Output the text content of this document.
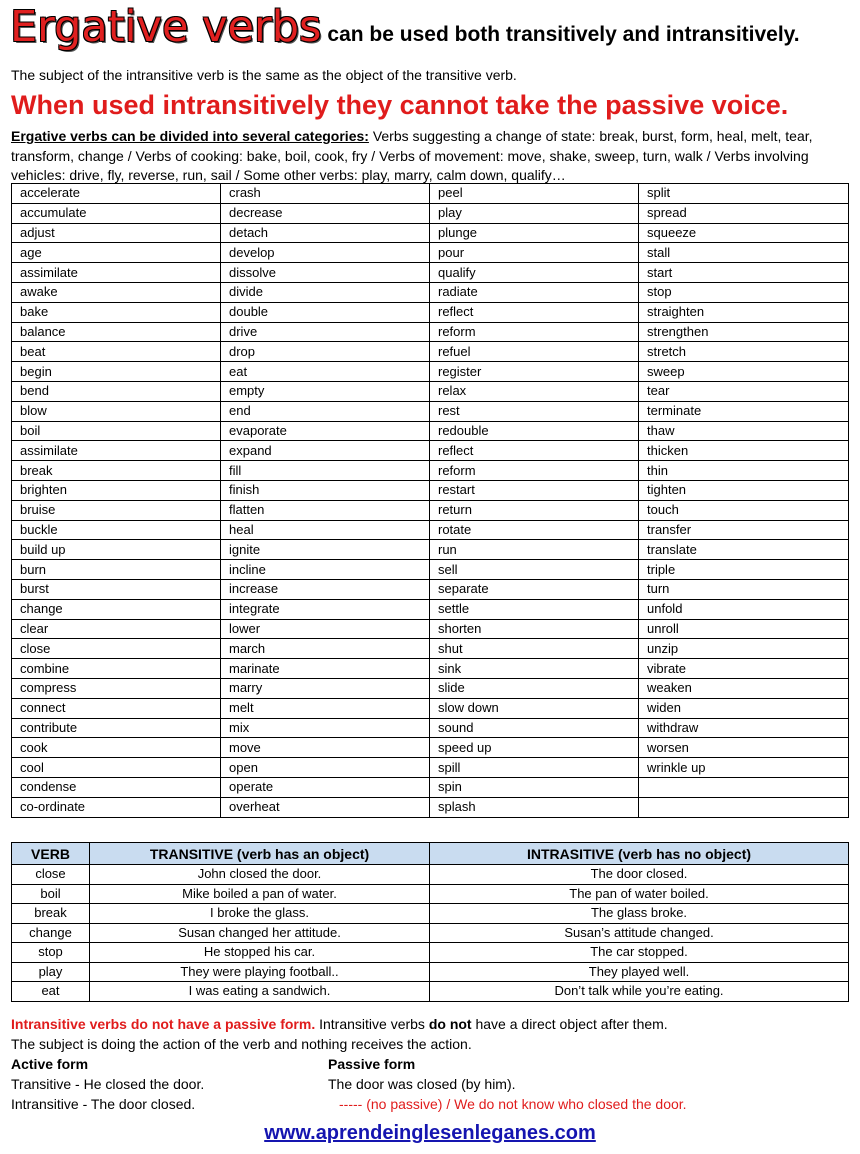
Ergative verbs can be used both transitively and intransitively.
The subject of the intransitive verb is the same as the object of the transitive verb.
When used intransitively they cannot take the passive voice.
Ergative verbs can be divided into several categories: Verbs suggesting a change of state: break, burst, form, heal, melt, tear,
transform, change / Verbs of cooking: bake, boil, cook, fry / Verbs of movement: move, shake, sweep, turn, walk / Verbs involving
vehicles: drive, fly, reverse, run, sail / Some other verbs: play, marry, calm down, qualify…
accelerate	crash	peel	split
accumulate	decrease	play	spread
adjust	detach	plunge	squeeze
age	develop	pour	stall
assimilate	dissolve	qualify	start
awake	divide	radiate	stop
bake	double	reflect	straighten
balance	drive	reform	strengthen
beat	drop	refuel	stretch
begin	eat	register	sweep
bend	empty	relax	tear
blow	end	rest	terminate
boil	evaporate	redouble	thaw
assimilate	expand	reflect	thicken
break	fill	reform	thin
brighten	finish	restart	tighten
bruise	flatten	return	touch
buckle	heal	rotate	transfer
build up	ignite	run	translate
burn	incline	sell	triple
burst	increase	separate	turn
change	integrate	settle	unfold
clear	lower	shorten	unroll
close	march	shut	unzip
combine	marinate	sink	vibrate
compress	marry	slide	weaken
connect	melt	slow down	widen
contribute	mix	sound	withdraw
cook	move	speed up	worsen
cool	open	spill	wrinkle up
condense	operate	spin	
co-ordinate	overheat	splash	
VERB	TRANSITIVE (verb has an object)	INTRASITIVE (verb has no object)
close	John closed the door.	The door closed.
boil	Mike boiled a pan of water.	The pan of water boiled.
break	I broke the glass.	The glass broke.
change	Susan changed her attitude.	Susan’s attitude changed.
stop	He stopped his car.	The car stopped.
play	They were playing football..	They played well.
eat	I was eating a sandwich.	Don’t talk while you’re eating.
Intransitive verbs do not have a passive form. Intransitive verbs do not have a direct object after them.
The subject is doing the action of the verb and nothing receives the action.
Active form	Passive form
Transitive - He closed the door.	The door was closed (by him).
Intransitive - The door closed.	----- (no passive) / We do not know who closed the door.
www.aprendeinglesenleganes.com
